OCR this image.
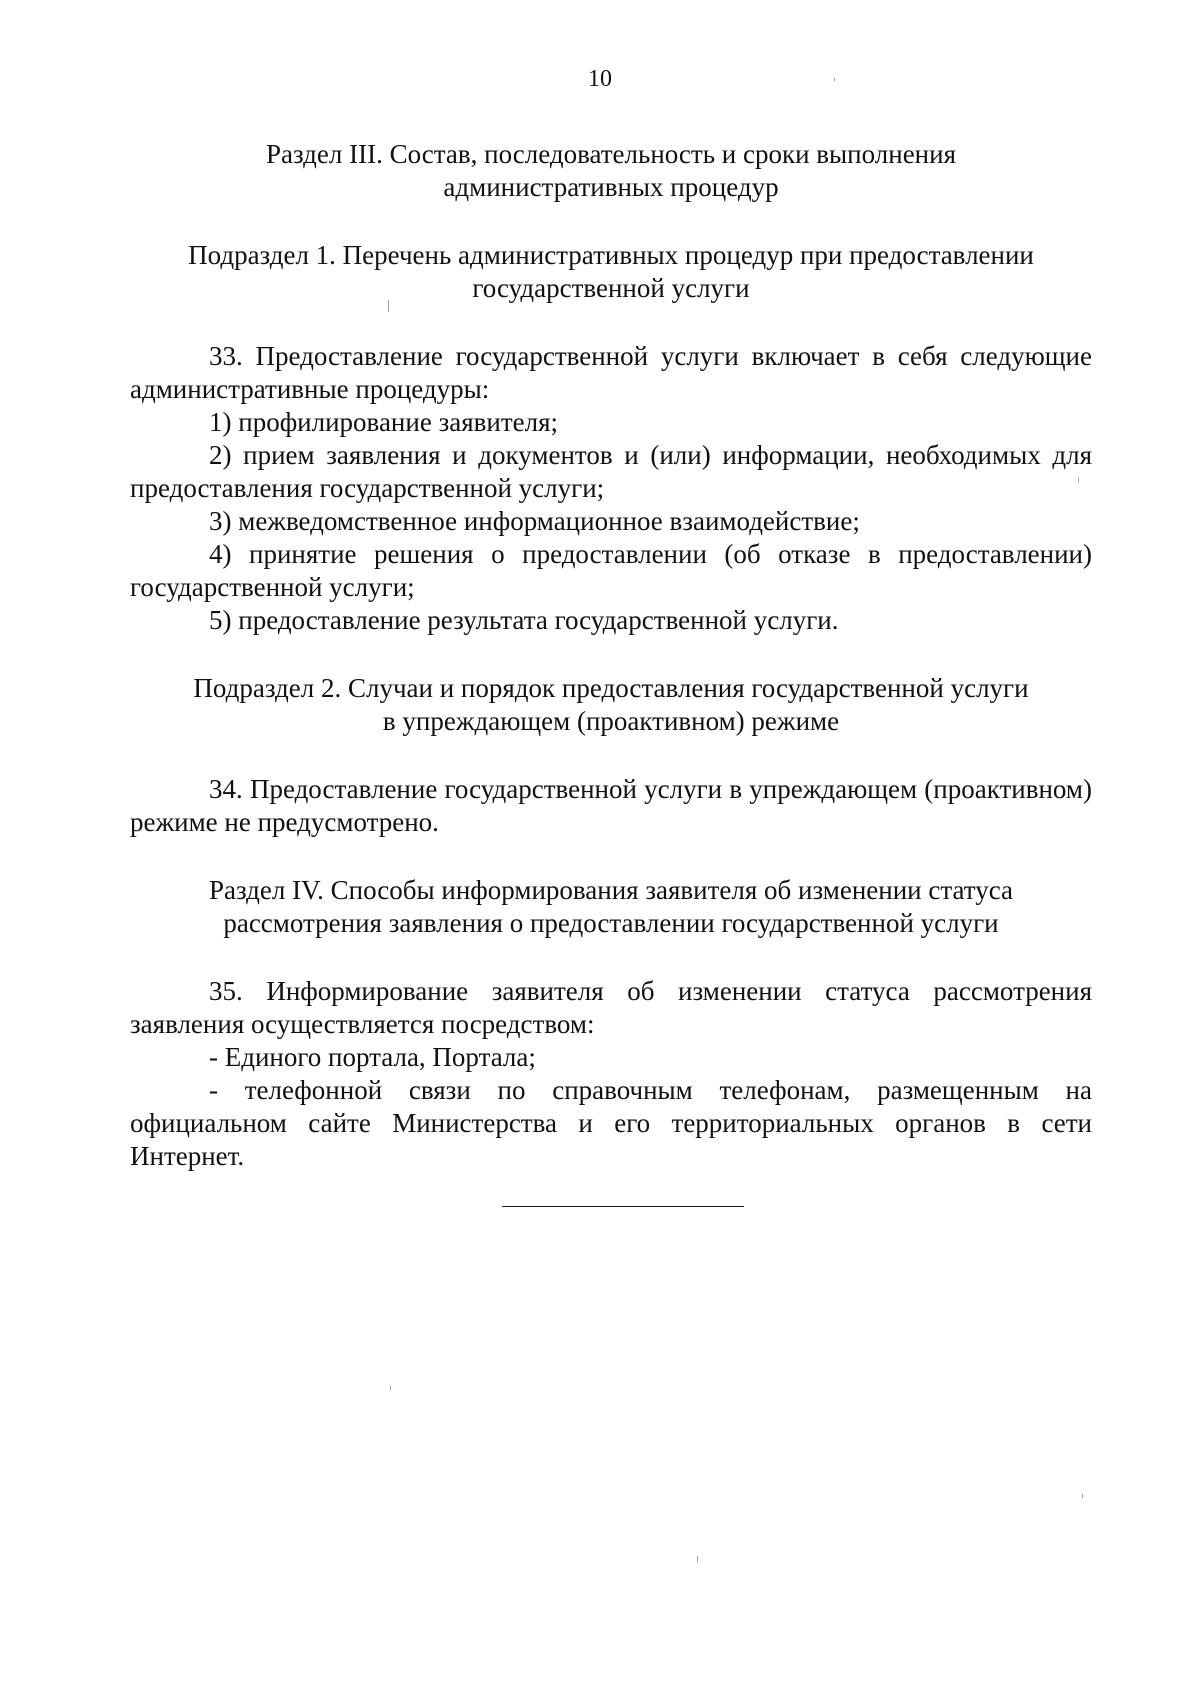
10
Раздел III. Состав, последовательность и сроки выполнения
административных процедур
Подраздел 1. Перечень административных процедур при предоставлении
государственной услуги

33. Предоставление государственной услуги включает в себя следующие административные процедуры:

1) профилирование заявителя;

2) прием заявления и документов и (или) информации, необходимых для предоставления государственной услуги;

3) межведомственное информационное взаимодействие;

4) принятие решения о предоставлении (об отказе в предоставлении) государственной услуги;

5) предоставление результата государственной услуги.

Подраздел 2. Случаи и порядок предоставления государственной услуги
в упреждающем (проактивном) режиме

34. Предоставление государственной услуги в упреждающем (проактивном) режиме не предусмотрено.

Раздел IV. Способы информирования заявителя об изменении статуса
рассмотрения заявления о предоставлении государственной услуги

35. Информирование заявителя об изменении статуса рассмотрения заявления осуществляется посредством:

- Единого портала, Портала;

- телефонной связи по справочным телефонам, размещенным на официальном сайте Министерства и его территориальных органов в сети Интернет.
